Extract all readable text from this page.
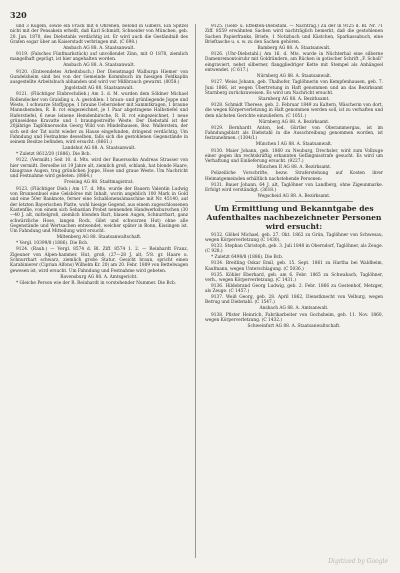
320

und 3 Kugeln, sowie ein Frack mit 6 Ohrenen, belond in Gilbers. Ein Spitzel nicht mit der Pensakein erhellt, daß Karl Schmidt, Schneider von München, geb. 20. Jan. 1870, des Diebstahls verdächtig ist. Er wird auch die Geständniß des Grafen sogar über an Kaiserstadt verbringen mit. (C 698.)

Ansbach AG 88. A. Staatsanwalt.

9119. (Falsches Fünfmarkstück) auf unvollendet Zinn, mit O 1878, ziemlich mangelhaft geprägt, ist hier angehalten worden.

Ansbach AG 88. A. Staatsanwalt.

9120. (Entwendetes Arbeitsbuch.) Der Dienstmagd Walburga Hiemer von Gundelsheim sind bei von der Gemeinde Kommbuch im hiesigen Feldkaplin ausgestellte Arbeitsbuch abhanden und wird vor Mißbrauch gewarnt. (8058.)

Jngolstadt AG 88. Staatsanwalt.

9121. (Flüchtiger Einbrechdieb.) Am 3. d. M. wurden dem Söldner Michael Rollendecker von Graisling u. A. gestohlen: 1 braun- und grünliegende Joppe und Weste, 1 schwarze Stoffjoppe, 1 braune Ueberzieher mit Sammtkragen, 1 braune Mannshemden, R. B. rot eingezeichnet, je 1 Paar abgetragene Halbstiefel und Haferstiefel, 6 neue leinene Hemdenhirsche, R. B. rot eingezeichnet, 1 neue grünseidene Kravatte und 1 braungestreifte Weste. Der Diebstahl ist der 20jährige Taglöhnerssohn Georg Wild von Mindelhausen, Bez. Wallerstein, der sich seit der Tat nicht wieder zu Hause eingefunden, dringend verdächtig. Um Fahndung und Festnahme desselben, falls sich die gestohlenen Gegenstände in seinem Besitze befinden, wird ersucht. (8661.)

Landshut AG 88. A. Staatsanwalt.

* Zuletzt 8612/20 (1886). Die Bcb.

9122. (Vermißt.) Seit 10. d. Mts. wird der Bauerssohn Andreas Strasser von hier vermißt. Derselbe ist 19 Jahre alt, ziemlich groß, schlank, hat blonde Haare, blaugraue Augen, trug grünlichen Joppe, Hose und graue Weste. Um Nachricht und Festnahme wird gebeten. (8864.)

Freising AG 88. Stadtmagistrat.

9123. (Flüchtiger Dieb.) Am 17. d. Mts. wurde der Bauern Valentin Ludwig von Brunnenbuel eine Gelsbörse mit Inhalt, worin angeblich 100 Mark in Gold und eine 50er Banknote, ferner eine Schablonensämaschine mit Nr. 45140, auf der letzten Bayerischen Platte, wohl hiesige Gegend, aus einem zugeschlossenen Kastenflie, von einem sich Sebastian Probst nennenden Handwerksburschen (30—40 J. alt, mittelgroß, ziemlich blonden Bart, blauen Augen, Schnurrbart, ganz schwärzliche Hose, langen Rock, Gilet und schwarzen Hut) ohne alle Gegenstände und Wertsachen entwendet, welcher später in Bonn, Kissingen ist. Um Fahndung und Mitteilung wird ersucht.

Miltenberg AG 88. Staatsanwaltschaft.

* Vergl. 10399/8 (1886). Die Bcb.

9124. (Raub.) — Vergl. 8574 d. Bl. Ziff. 8574 1. 2. — Reinhardt Franz, Zigeuner von Alpen-hammer. Hut, groß, (27—28 J. alt, 5'8. gr. Haare u. Schnurrbart schwarz, ziemlich große Statur, Gesicht braun, spricht einen Karabinierer (Ciprian Alfons) Wilhelm Kr. 20) am 20. Febr. 1889 von Bettelwagen gewesen ist, wird ersucht. Um Fahndung und Festnahme wird gebeten.

Ravensburg AG 88. A. Amtsgericht.

* Gleiche Person wie der R. Reinhardt in vorstehender Nummer. Die Bcb.

9125. (Geld- u. Effekten-Diebstahl. — Nachtrag.) Zu der in 9125 d. Bl. Nr. 71 Ziff. 8559 erwähnten Sachen wird nachträglich bemerkt, daß die gestohlenen Sachen Papierfranks, Briefe, 1 Notizbuch und Kästchen, Sparkassabuch, eine Brieftasche u. s. w. zu den Sachen gehören.

Bamberg AG 88. A. Staatsanwalt.

9126. (Uhr-Diebstahl.) Am 16. d. Mts. wurde in Nüchterhal eine silberne Damenremontoiruhr mit Goldrändern, am Rücken in gotischer Schrift „F. Scholl“ eingraviert, nebst silberner, flanggliedriger Kette mit Stempel als Anhängsel entwendet. (C 617.)

Nürnberg AG 88. A. Staatsanwalt.

9127. Weiss Johann, geb. Thalhofer, Taglöhnerin von Kempfenhausen, geb. 7. Juni 1866, ist wegen Übertretung in Haft genommen und an das Bezirksamt Starnberg zurückzuweisen. Es wird um Nachricht ersucht.

Starnberg AG 88. A. Bezirksamt.

9128. Schmidt Therese, geb. 2. Februar 1849 zu Kaltern, Wäscherin von dort, die wegen Körperverletzung in Haft genommen werden soll, ist zu verhaften und dem nächsten Gerichte einzuliefern. (C 1051.)

Nürnberg AG 88. A. Bezirksamt.

9129. Bernhardt Anton, led. Gürtler von Oberammergau, ist im Fahndungsblatt als Diebstahl in die Ausschreibung genommen worden, ist festzunehmen. (1304/I.)

München I AG 88. A. Staatsanwalt.

9130. Maier Johann, geb. 1860 zu Neuburg, Drechsler, wird zum Vollzuge einer gegen ihn rechtskräftig erkannten Gefängnisstrafe gesucht. Es wird um Verhaftung und Einlieferung ersucht. (9227.)

München II AG 88. A. Bezirksamt.

Polizeiliche Vorschrifte, bezw. Straferstehung auf Kosten ihrer Heimatgemeinden erhältlich nachstehende Personen:

9131. Bauer Johann, 64 J. alt, Taglöhner von Landberg, ohne Zigeunmarke. Erfolgt wird verständigt. (3618.)

Wegscheid AG 88. A. Bezirksamt.

Um Ermittlung und Bekanntgabe des Aufenthaltes nachbezeichneter Personen wird ersucht:

9132. Glöbel Michael, geb. 27. Okt. 1862 zu Grün, Taglöhner von Schwesau, wegen Körperverletzung (C 1430).

9133. Stephan Christoph, geb. 3. Juli 1848 in Oberndorf, Taglöhner, als Zeuge. (C 928.)

* Zuletzt 6498/8 (1886). Die Bcb.

9134. Breitling Oskar Emil, geb. 15. Sept. 1861 zu Hartha bei Waldheim, Kaufmann, wegen Unterschlagung. (C 5036.)

9135. Köhler Eberhard, geb. am 6. Febr. 1865 zu Schwabach, Taglöhner, verh., wegen Körperverletzung. (C 1431.)

9136. Hildebrand Georg Ludwig, geb. 2. Febr. 1866 zu Gostenhof, Metzger, als Zeuge. (C 1457.)

9137. Weiß Georg, geb. 28. April 1862, Dienstknecht von Velburg, wegen Betrug und Diebstahl. (C 1547.)

Ansbach AG 88. A. Amtsanwalt.

9138. Pfister Heinrich, Fabrikarbeiter von Gochsheim, geb. 11. Nov. 1860, wegen Körperverletzung. (C 1432.)

Schweinfurt AG 88. A. Staatsanwaltschaft.

Digitized by Google
